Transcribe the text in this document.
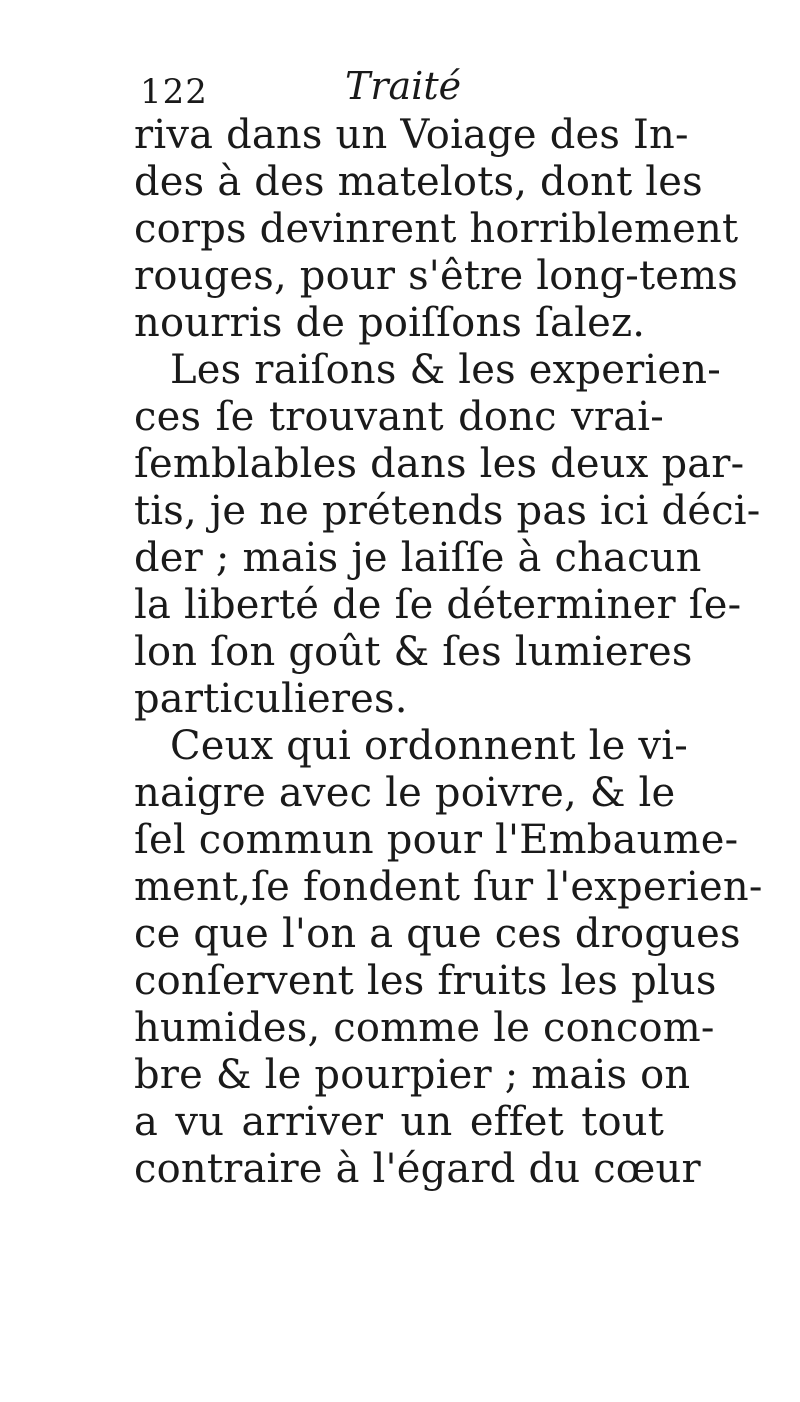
122	Traité
riva dans un Voiage des In-
des à des matelots, dont les
corps devinrent horriblement
rouges, pour s'être long-tems
nourris de poiſſons ſalez.
Les raiſons & les experien-
ces ſe trouvant donc vrai-
ſemblables dans les deux par-
tis, je ne prétends pas ici déci-
der ; mais je laiſſe à chacun
la liberté de ſe déterminer ſe-
lon ſon goût & ſes lumieres
particulieres.
Ceux qui ordonnent le vi-
naigre avec le poivre, & le
ſel commun pour l'Embaume-
ment,ſe fondent ſur l'experien-
ce que l'on a que ces drogues
conſervent les fruits les plus
humides, comme le concom-
bre & le pourpier ; mais on
a vu arriver un effet tout
contraire à l'égard du cœur
